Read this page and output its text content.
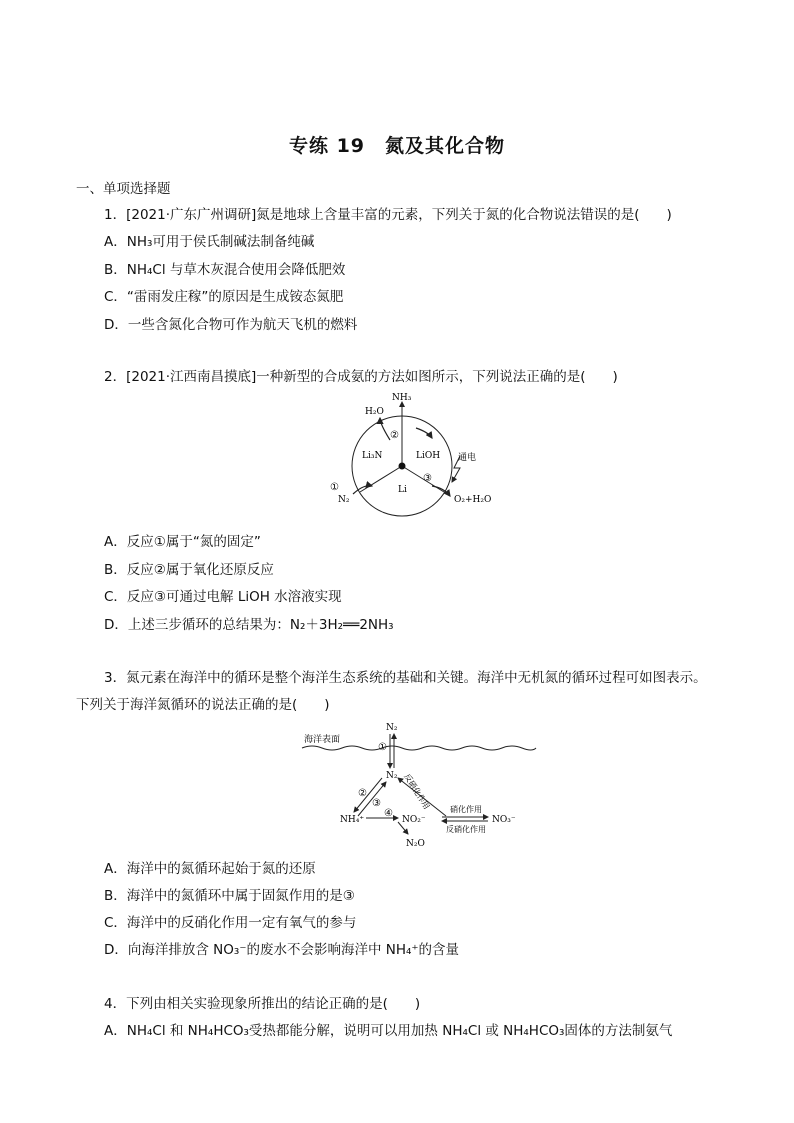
专练 19　氮及其化合物
一、单项选择题
1．[2021·广东广州调研]氮是地球上含量丰富的元素，下列关于氮的化合物说法错误的是(　　)
A．NH₃可用于侯氏制碱法制备纯碱
B．NH₄Cl 与草木灰混合使用会降低肥效
C．“雷雨发庄稼”的原因是生成铵态氮肥
D．一些含氮化合物可作为航天飞机的燃料
2．[2021·江西南昌摸底]一种新型的合成氨的方法如图所示，下列说法正确的是(　　)
NH₃
H₂O
②
Li₃N	LiOH 通电
③
Li
①
N₂	O₂+H₂O
A．反应①属于“氮的固定”
B．反应②属于氧化还原反应
C．反应③可通过电解 LiOH 水溶液实现
D．上述三步循环的总结果为：N₂＋3H₂══2NH₃
3．氮元素在海洋中的循环是整个海洋生态系统的基础和关键。海洋中无机氮的循环过程可如图表示。
下列关于海洋氮循环的说法正确的是(　　)
海洋表面
N₂
①
N₂ 反硝化作用
②
③
④
NH₄⁺	NO₂⁻
硝化作用
反硝化作用
NO₃⁻
N₂O
A．海洋中的氮循环起始于氮的还原
B．海洋中的氮循环中属于固氮作用的是③
C．海洋中的反硝化作用一定有氧气的参与
D．向海洋排放含 NO₃⁻的废水不会影响海洋中 NH₄⁺的含量
4．下列由相关实验现象所推出的结论正确的是(　　)
A．NH₄Cl 和 NH₄HCO₃受热都能分解，说明可以用加热 NH₄Cl 或 NH₄HCO₃固体的方法制氨气
